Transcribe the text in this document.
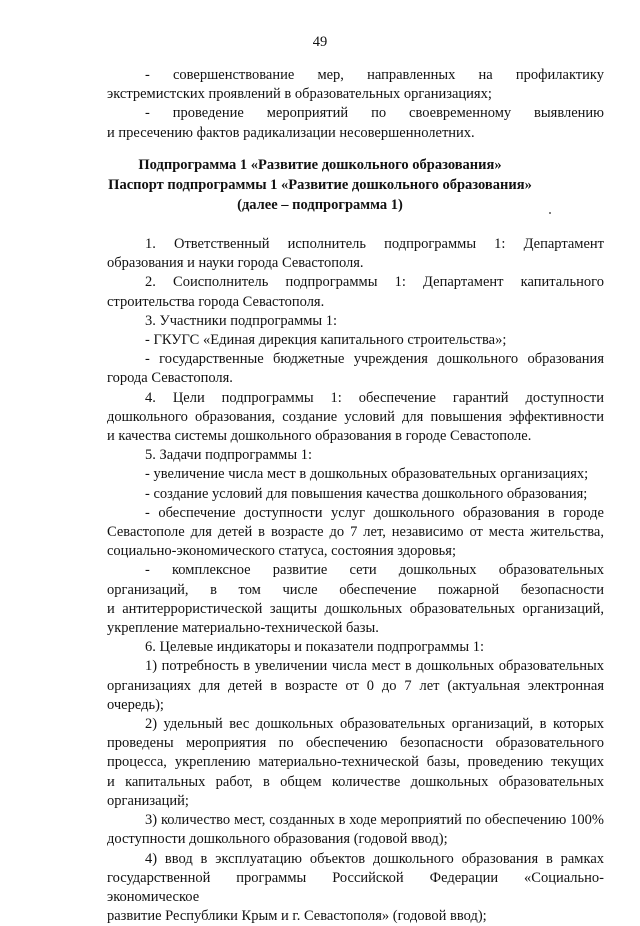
49
- совершенствование мер, направленных на профилактику
экстремистских проявлений в образовательных организациях;
- проведение мероприятий по своевременному выявлению
и пресечению фактов радикализации несовершеннолетних.
Подпрограмма 1 «Развитие дошкольного образования»
Паспорт подпрограммы 1 «Развитие дошкольного образования»
(далее – подпрограмма 1)
1. Ответственный исполнитель подпрограммы 1: Департамент
образования и науки города Севастополя.
2. Соисполнитель подпрограммы 1: Департамент капитального
строительства города Севастополя.
3. Участники подпрограммы 1:
- ГКУГС «Единая дирекция капитального строительства»;
- государственные бюджетные учреждения дошкольного образования
города Севастополя.
4. Цели подпрограммы 1: обеспечение гарантий доступности
дошкольного образования, создание условий для повышения эффективности
и качества системы дошкольного образования в городе Севастополе.
5. Задачи подпрограммы 1:
- увеличение числа мест в дошкольных образовательных организациях;
- создание условий для повышения качества дошкольного образования;
- обеспечение доступности услуг дошкольного образования в городе
Севастополе для детей в возрасте до 7 лет, независимо от места жительства,
социально-экономического статуса, состояния здоровья;
- комплексное развитие сети дошкольных образовательных
организаций, в том числе обеспечение пожарной безопасности
и антитеррористической защиты дошкольных образовательных организаций,
укрепление материально-технической базы.
6. Целевые индикаторы и показатели подпрограммы 1:
1) потребность в увеличении числа мест в дошкольных образовательных
организациях для детей в возрасте от 0 до 7 лет (актуальная электронная
очередь);
2) удельный вес дошкольных образовательных организаций, в которых
проведены мероприятия по обеспечению безопасности образовательного
процесса, укреплению материально-технической базы, проведению текущих
и капитальных работ, в общем количестве дошкольных образовательных
организаций;
3) количество мест, созданных в ходе мероприятий по обеспечению 100%
доступности дошкольного образования (годовой ввод);
4) ввод в эксплуатацию объектов дошкольного образования в рамках
государственной программы Российской Федерации «Социально-экономическое
развитие Республики Крым и г. Севастополя» (годовой ввод);
